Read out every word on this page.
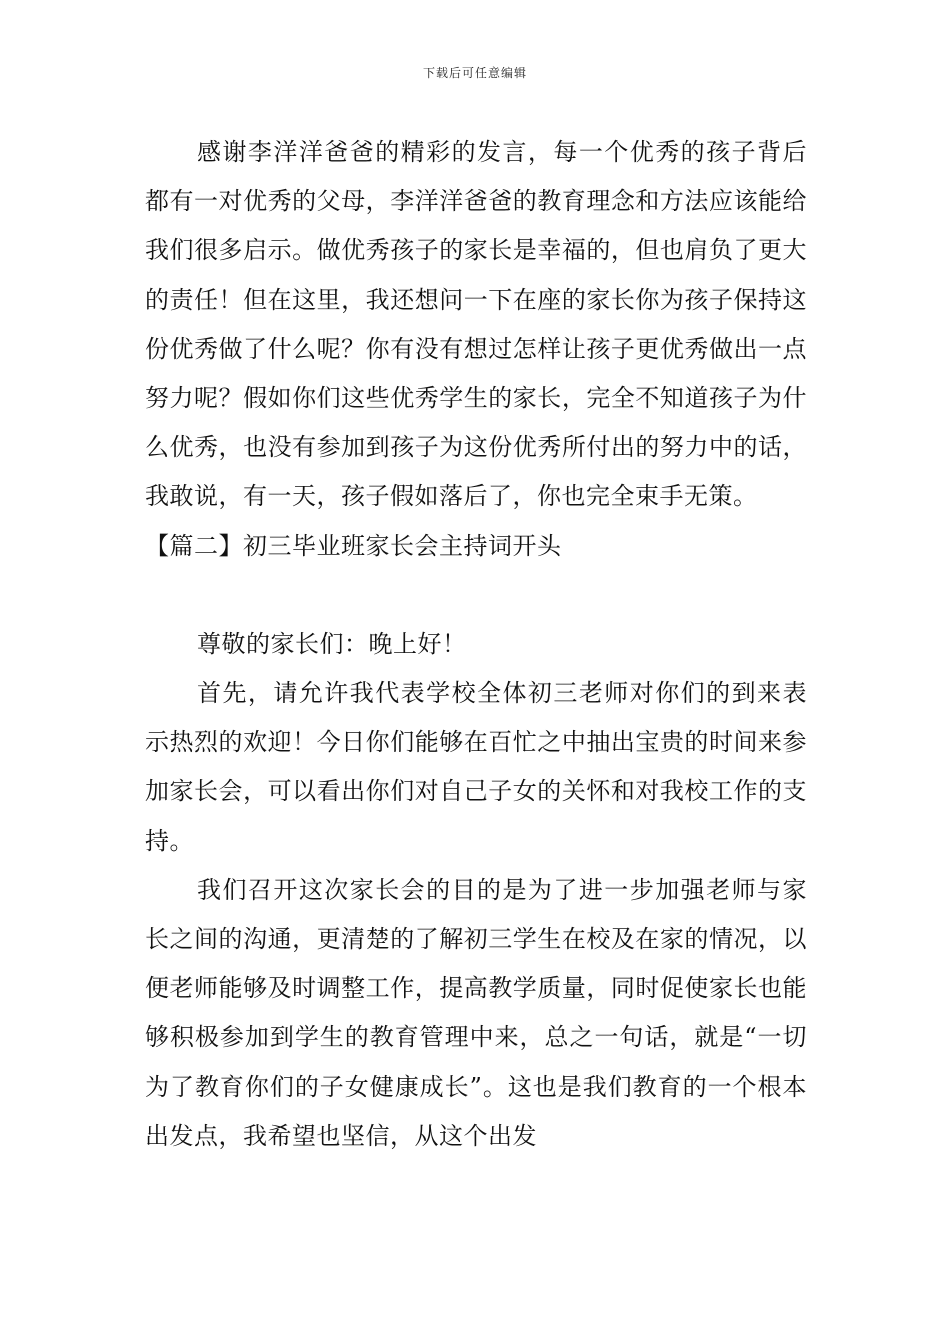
下载后可任意编辑

感谢李洋洋爸爸的精彩的发言，每一个优秀的孩子背后都有一对优秀的父母，李洋洋爸爸的教育理念和方法应该能给我们很多启示。做优秀孩子的家长是幸福的，但也肩负了更大的责任！但在这里，我还想问一下在座的家长你为孩子保持这份优秀做了什么呢？你有没有想过怎样让孩子更优秀做出一点努力呢？假如你们这些优秀学生的家长，完全不知道孩子为什么优秀，也没有参加到孩子为这份优秀所付出的努力中的话，我敢说，有一天，孩子假如落后了，你也完全束手无策。

【篇二】初三毕业班家长会主持词开头

尊敬的家长们：晚上好！

首先，请允许我代表学校全体初三老师对你们的到来表示热烈的欢迎！今日你们能够在百忙之中抽出宝贵的时间来参加家长会，可以看出你们对自己子女的关怀和对我校工作的支持。

我们召开这次家长会的目的是为了进一步加强老师与家长之间的沟通，更清楚的了解初三学生在校及在家的情况，以便老师能够及时调整工作，提高教学质量，同时促使家长也能够积极参加到学生的教育管理中来，总之一句话，就是“一切为了教育你们的子女健康成长”。这也是我们教育的一个根本出发点，我希望也坚信，从这个出发
